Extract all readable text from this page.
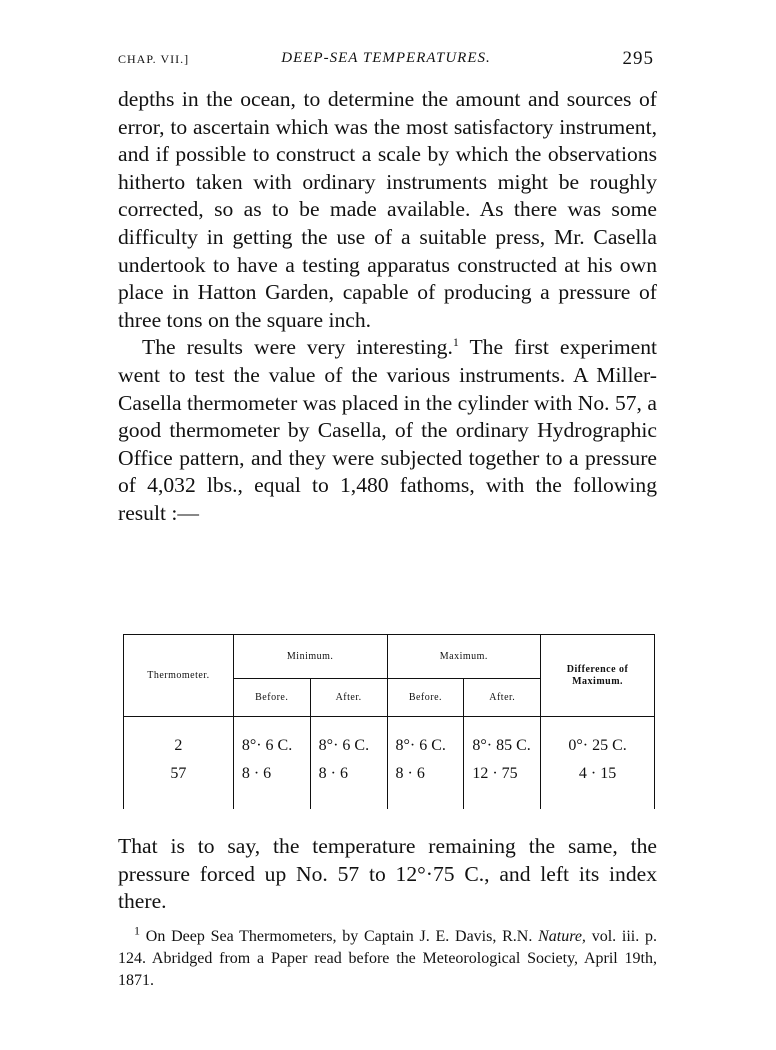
CHAP. VII.]	DEEP-SEA TEMPERATURES.	295

depths in the ocean, to determine the amount and sources of error, to ascertain which was the most satisfactory instrument, and if possible to construct a scale by which the observations hitherto taken with ordinary instruments might be roughly corrected, so as to be made available. As there was some difficulty in getting the use of a suitable press, Mr. Casella undertook to have a testing apparatus constructed at his own place in Hatton Garden, capable of producing a pressure of three tons on the square inch.

The results were very interesting.$^1$ The first experiment went to test the value of the various instruments. A Miller-Casella thermometer was placed in the cylinder with No. 57, a good thermometer by Casella, of the ordinary Hydrographic Office pattern, and they were subjected together to a pressure of 4,032 lbs., equal to 1,480 fathoms, with the following result :—

Thermometer.	Minimum.		Maximum.		Difference of Maximum.
	Before.	After.	Before.	After.	
2	8°· 6 C.	8°· 6 C.	8°· 6 C.	8°· 85 C.	0°· 25 C.
57	8 · 6	8 · 6	8 · 6	12 · 75	4 · 15

That is to say, the temperature remaining the same, the pressure forced up No. 57 to 12°·75 C., and left its index there.

$^1$ On Deep Sea Thermometers, by Captain J. E. Davis, R.N. Nature, vol. iii. p. 124. Abridged from a Paper read before the Meteorological Society, April 19th, 1871.
